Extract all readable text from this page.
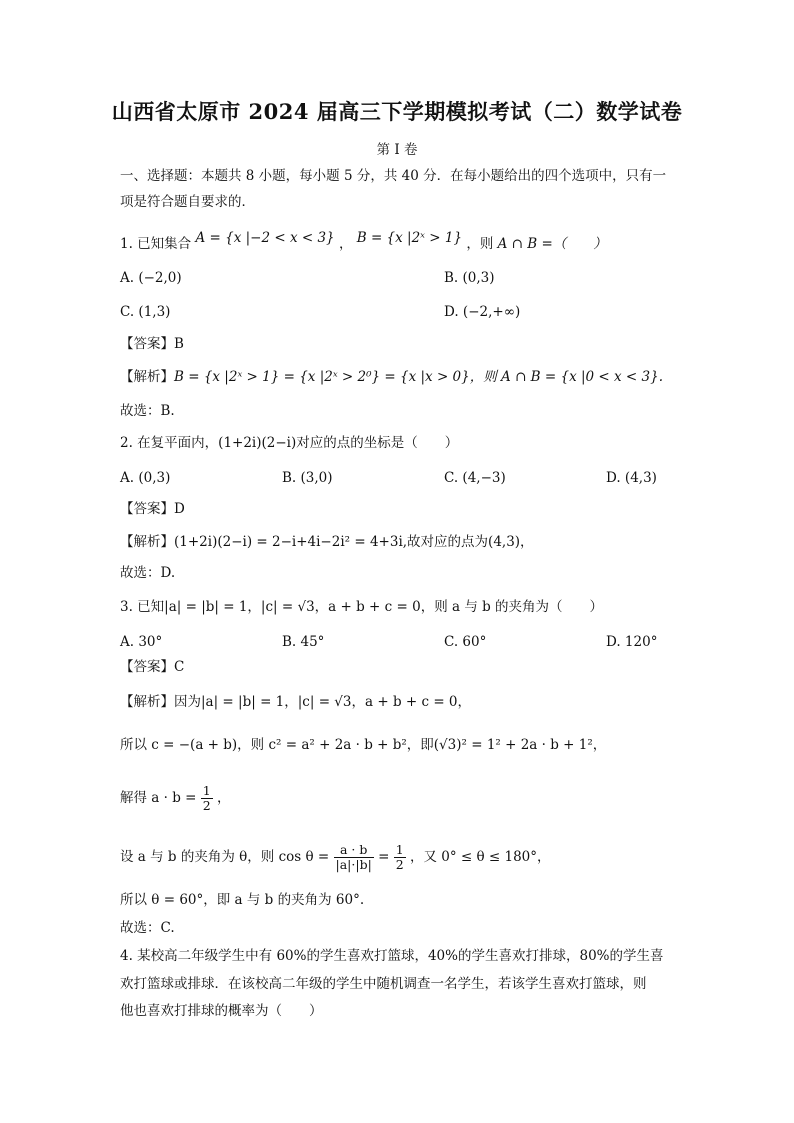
山西省太原市 2024 届高三下学期模拟考试（二）数学试卷
第 I 卷
一、选择题：本题共 8 小题，每小题 5 分，共 40 分．在每小题给出的四个选项中，只有一
项是符合题自要求的．
1. 已知集合 A = {x |−2 < x < 3} ， B = {x |2ˣ > 1} ，则 A ∩ B =（　　）
A. (−2,0)	B. (0,3)
C. (1,3)	D. (−2,+∞)
【答案】B
【解析】B = {x |2ˣ > 1} = {x |2ˣ > 2⁰} = {x |x > 0}，则 A ∩ B = {x |0 < x < 3}.
故选：B.
2. 在复平面内，(1+2i)(2−i)对应的点的坐标是（　　）
A. (0,3)	B. (3,0)	C. (4,−3)	D. (4,3)
【答案】D
【解析】(1+2i)(2−i) = 2−i+4i−2i² = 4+3i,故对应的点为(4,3)，
故选：D.
3. 已知|a| = |b| = 1，|c| = √3，a + b + c = 0，则 a 与 b 的夹角为（　　）
A. 30°	B. 45°	C. 60°	D. 120°
【答案】C
【解析】因为|a| = |b| = 1，|c| = √3，a + b + c = 0，
所以 c = −(a + b)，则 c² = a² + 2a · b + b²，即(√3)² = 1² + 2a · b + 1²，
解得 $a \cdot b = \frac{1}{2}$ ，
设 a 与 b 的夹角为 θ，则 $\cos \theta = \frac{a \cdot b}{|a|\cdot|b|} = \frac{1}{2}$ ，又 0° ≤ θ ≤ 180°，
所以 θ = 60°，即 a 与 b 的夹角为 60°.
故选：C.
4. 某校高二年级学生中有 60%的学生喜欢打篮球，40%的学生喜欢打排球，80%的学生喜
欢打篮球或排球．在该校高二年级的学生中随机调查一名学生，若该学生喜欢打篮球，则
他也喜欢打排球的概率为（　　）
